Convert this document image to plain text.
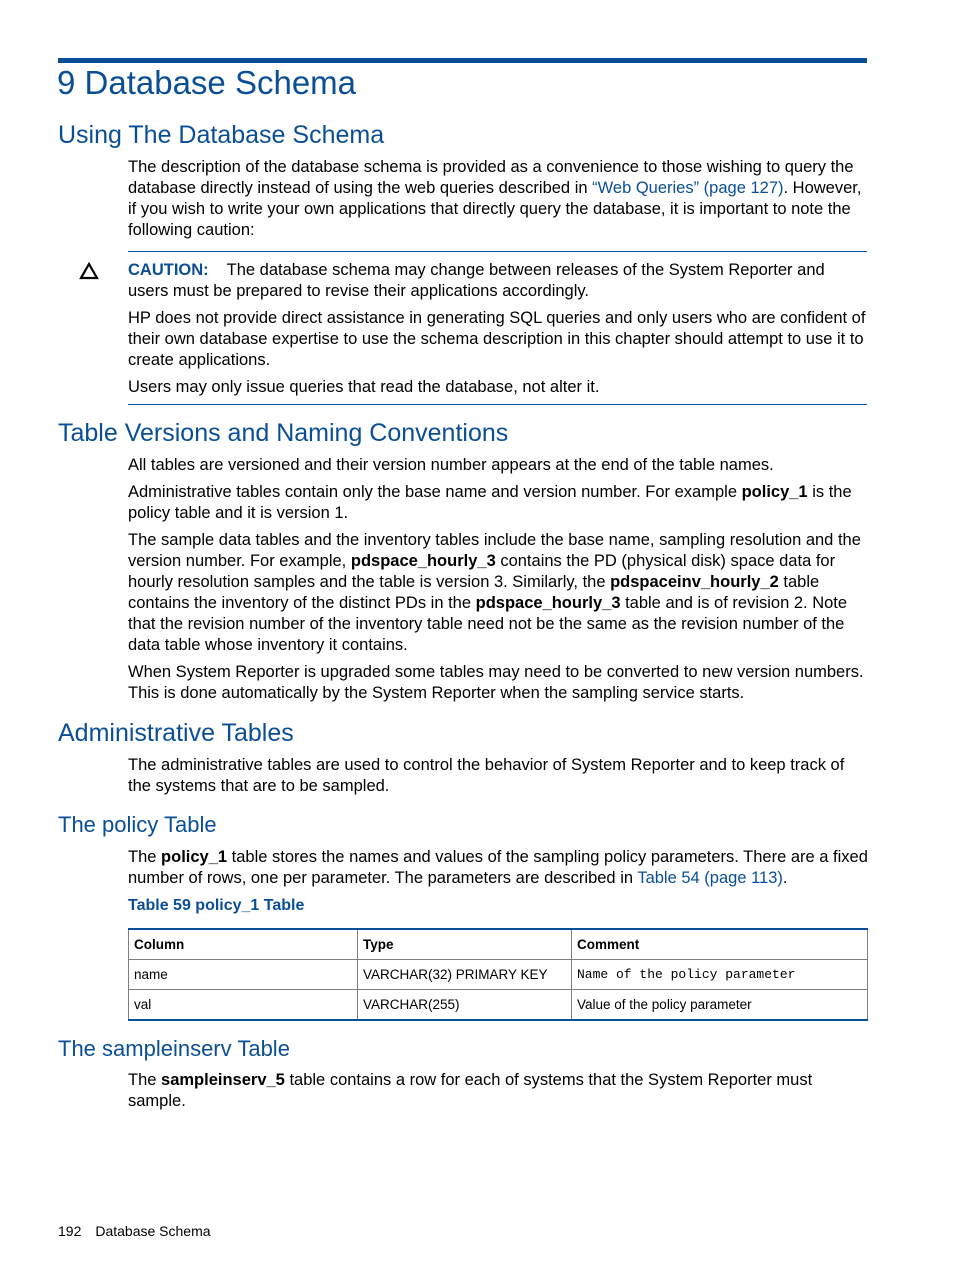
9 Database Schema
Using The Database Schema

The description of the database schema is provided as a convenience to those wishing to query the database directly instead of using the web queries described in “Web Queries” (page 127). However, if you wish to write your own applications that directly query the database, it is important to note the following caution:

CAUTION: The database schema may change between releases of the System Reporter and users must be prepared to revise their applications accordingly.

HP does not provide direct assistance in generating SQL queries and only users who are confident of their own database expertise to use the schema description in this chapter should attempt to use it to create applications.

Users may only issue queries that read the database, not alter it.

Table Versions and Naming Conventions

All tables are versioned and their version number appears at the end of the table names.

Administrative tables contain only the base name and version number. For example policy_1 is the policy table and it is version 1.

The sample data tables and the inventory tables include the base name, sampling resolution and the version number. For example, pdspace_hourly_3 contains the PD (physical disk) space data for hourly resolution samples and the table is version 3. Similarly, the pdspaceinv_hourly_2 table contains the inventory of the distinct PDs in the pdspace_hourly_3 table and is of revision 2. Note that the revision number of the inventory table need not be the same as the revision number of the data table whose inventory it contains.

When System Reporter is upgraded some tables may need to be converted to new version numbers. This is done automatically by the System Reporter when the sampling service starts.

Administrative Tables

The administrative tables are used to control the behavior of System Reporter and to keep track of the systems that are to be sampled.

The policy Table

The policy_1 table stores the names and values of the sampling policy parameters. There are a fixed number of rows, one per parameter. The parameters are described in Table 54 (page 113).

Table 59 policy_1 Table

Column	Type	Comment
name	VARCHAR(32) PRIMARY KEY	Name of the policy parameter
val	VARCHAR(255)	Value of the policy parameter
The sampleinserv Table

The sampleinserv_5 table contains a row for each of systems that the System Reporter must sample.

192 Database Schema
